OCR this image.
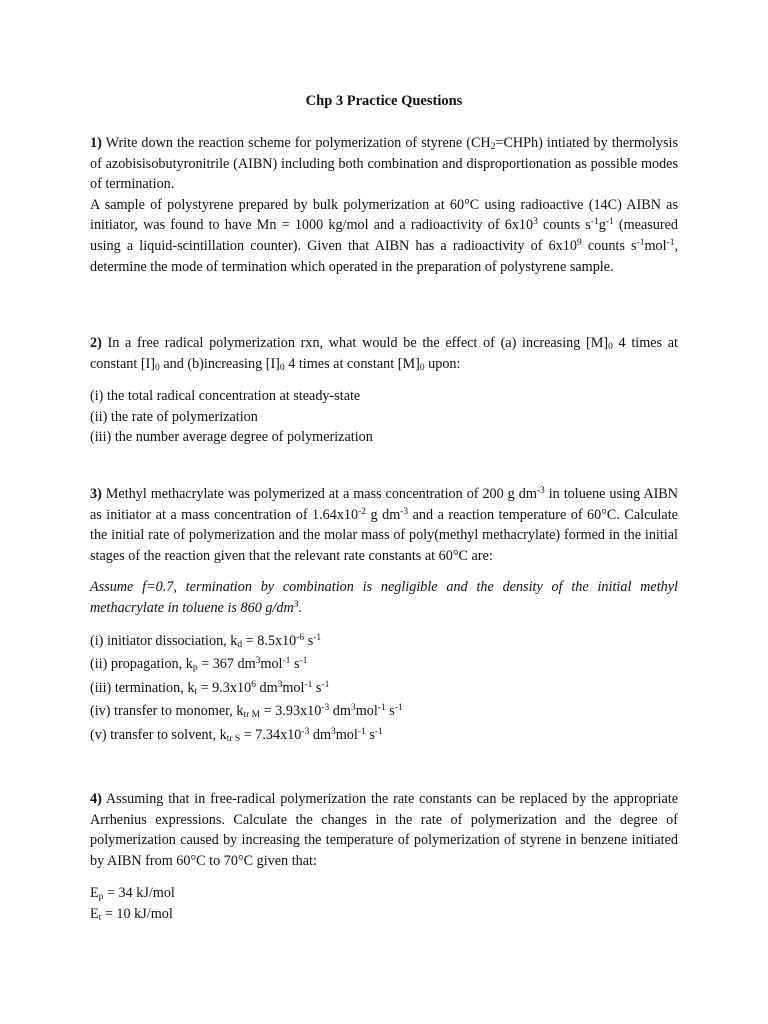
Chp 3 Practice Questions

1) Write down the reaction scheme for polymerization of styrene $(CH_2=CHPh)$ intiated by thermolysis of azobisisobutyronitrile (AIBN) including both combination and disproportionation as possible modes of termination.

A sample of polystyrene prepared by bulk polymerization at 60°C using radioactive (14C) AIBN as initiator, was found to have Mn = 1000 kg/mol and a radioactivity of $6x10^3$ counts $s^{-1}g^{-1}$ (measured using a liquid-scintillation counter). Given that AIBN has a radioactivity of $6x10^9$ counts $s^{-1}mol^{-1}$, determine the mode of termination which operated in the preparation of polystyrene sample.

2) In a free radical polymerization rxn, what would be the effect of (a) increasing $[M]_0$ 4 times at constant $[I]_0$ and (b)increasing $[I]_0$ 4 times at constant $[M]_0$ upon:

(i) the total radical concentration at steady-state
(ii) the rate of polymerization
(iii) the number average degree of polymerization

3) Methyl methacrylate was polymerized at a mass concentration of 200 g $dm^{-3}$ in toluene using AIBN as initiator at a mass concentration of $1.64x10^{-2}$ g $dm^{-3}$ and a reaction temperature of 60°C. Calculate the initial rate of polymerization and the molar mass of poly(methyl methacrylate) formed in the initial stages of the reaction given that the relevant rate constants at 60°C are:

Assume f=0.7, termination by combination is negligible and the density of the initial methyl methacrylate in toluene is 860 $g/dm^3$.

(i) initiator dissociation, $k_d = 8.5x10^{-6}$ $s^{-1}$
(ii) propagation, $k_p = 367$ $dm^3mol^{-1}$ $s^{-1}$
(iii) termination, $k_t = 9.3x10^6$ $dm^3mol^{-1}$ $s^{-1}$
(iv) transfer to monomer, $k_{tr M} = 3.93x10^{-3}$ $dm^3mol^{-1}$ $s^{-1}$
(v) transfer to solvent, $k_{tr S} = 7.34x10^{-3}$ $dm^3mol^{-1}$ $s^{-1}$

4) Assuming that in free-radical polymerization the rate constants can be replaced by the appropriate Arrhenius expressions. Calculate the changes in the rate of polymerization and the degree of polymerization caused by increasing the temperature of polymerization of styrene in benzene initiated by AIBN from 60°C to 70°C given that:

$E_p = 34$ kJ/mol
$E_t = 10$ kJ/mol
